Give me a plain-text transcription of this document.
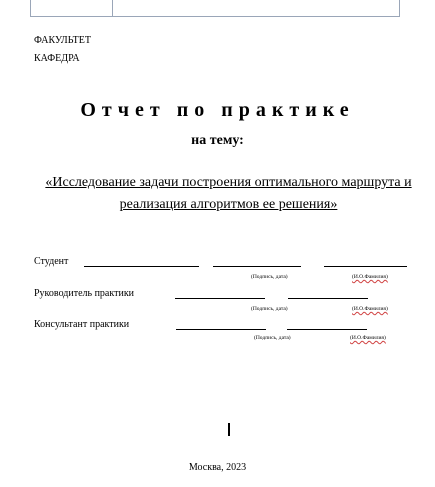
ФАКУЛЬТЕТ
КАФЕДРА
Отчет по практике
на тему:
«Исследование задачи построения оптимального маршрута и
реализация алгоритмов ее решения»
Студент
(Подпись, дата)	(И.О.Фамилия)
Руководитель практики
(Подпись, дата)	(И.О.Фамилия)
Консультант практики
(Подпись, дата)	(И.О.Фамилия)
Москва, 2023
